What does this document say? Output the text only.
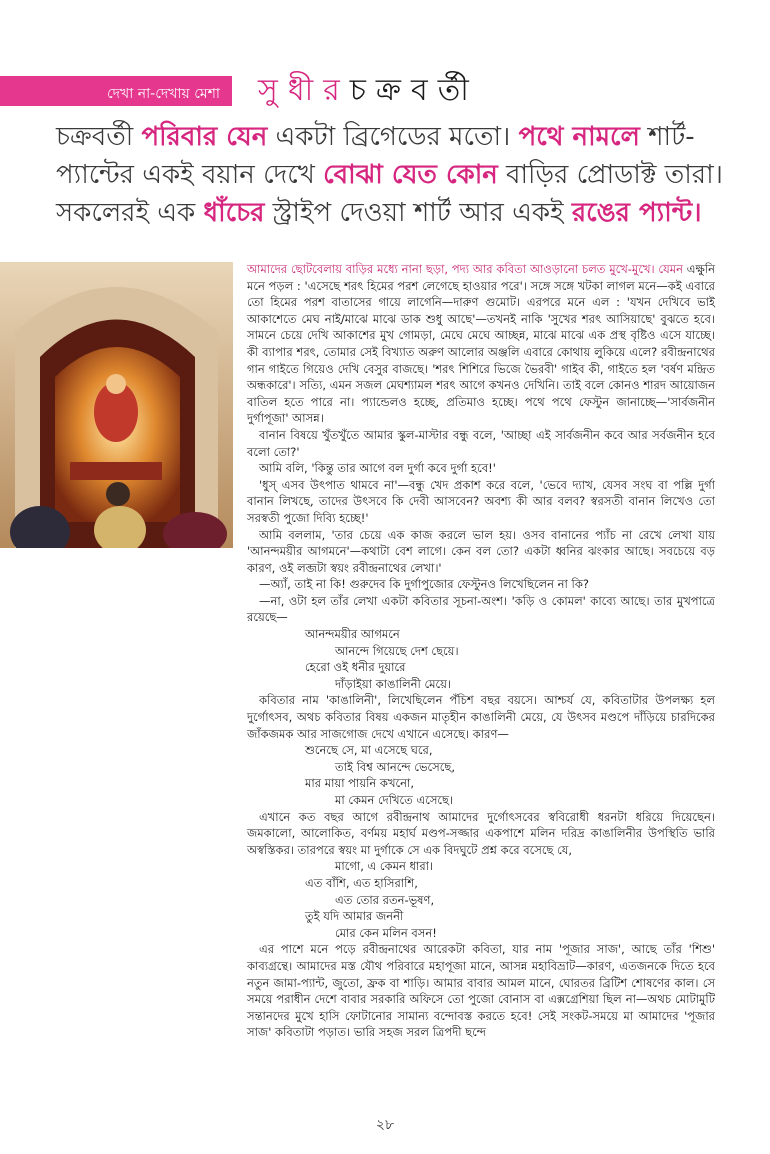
দেখা না-দেখায় মেশা সুধীরচক্রবর্তী
চক্রবর্তী পরিবার যেন একটা ব্রিগেডের মতো। পথে নামলে শার্ট-প্যান্টের একই বয়ান দেখে বোঝা যেত কোন বাড়ির প্রোডাক্ট তারা। সকলেরই এক ধাঁচের স্ট্রাইপ দেওয়া শার্ট আর একই রঙের প্যান্ট।

আমাদের ছোটবেলায় বাড়ির মধ্যে নানা ছড়া, পদ্য আর কবিতা আওড়ানো চলত মুখে-মুখে। যেমন এক্ষুনি মনে পড়ল : 'এসেছে শরৎ হিমের পরশ লেগেছে হাওয়ার পরে'। সঙ্গে সঙ্গে খটকা লাগল মনে—কই এবারে তো হিমের পরশ বাতাসের গায়ে লাগেনি—দারুণ গুমোট। এরপরে মনে এল : 'যখন দেখিবে ভাই আকাশেতে মেঘ নাই/মাঝে মাঝে ডাক শুধু আছে'—তখনই নাকি 'সুখের শরৎ আসিয়াছে' বুঝতে হবে। সামনে চেয়ে দেখি আকাশের মুখ গোমড়া, মেঘে মেঘে আচ্ছন্ন, মাঝে মাঝে এক প্রস্থ বৃষ্টিও এসে যাচ্ছে। কী ব্যাপার শরৎ, তোমার সেই বিখ্যাত অরুণ আলোর অঞ্জলি এবারে কোথায় লুকিয়ে এলে? রবীন্দ্রনাথের গান গাইতে গিয়েও দেখি বেসুর বাজছে। 'শরৎ শিশিরে ভিজে ভৈরবী' গাইব কী, গাইতে হল 'বর্ষণ মন্দ্রিত অন্ধকারে'। সত্যি, এমন সজল মেঘশ্যামল শরৎ আগে কখনও দেখিনি। তাই বলে কোনও শারদ আয়োজন বাতিল হতে পারে না। প্যান্ডেলও হচ্ছে, প্রতিমাও হচ্ছে। পথে পথে ফেস্টুন জানাচ্ছে—'সার্বজনীন দুর্গাপূজা' আসন্ন।

বানান বিষয়ে খুঁতখুঁতে আমার স্কুল-মাস্টার বন্ধু বলে, 'আচ্ছা এই সার্বজনীন কবে আর সর্বজনীন হবে বলো তো?'

আমি বলি, 'কিন্তু তার আগে বল দুর্গা কবে দুর্গা হবে!'

'ধুস্‌ এসব উৎপাত থামবে না'—বন্ধু খেদ প্রকাশ করে বলে, 'ভেবে দ্যাখ, যেসব সংঘ বা পল্লি দুর্গা বানান লিখছে, তাদের উৎসবে কি দেবী আসবেন? অবশ্য কী আর বলব? স্বরসতী বানান লিখেও তো সরস্বতী পুজো দিব্যি হচ্ছে!'

আমি বললাম, 'তার চেয়ে এক কাজ করলে ভাল হয়। ওসব বানানের প্যাঁচ না রেখে লেখা যায় 'আনন্দময়ীর আগমনে'—কথাটা বেশ লাগে। কেন বল তো? একটা ধ্বনির ঝংকার আছে। সবচেয়ে বড় কারণ, ওই লব্জটা স্বয়ং রবীন্দ্রনাথের লেখা।'

—অ্যাঁ, তাই না কি! গুরুদেব কি দুর্গাপুজোর ফেস্টুনও লিখেছিলেন না কি?

—না, ওটা হল তাঁর লেখা একটা কবিতার সূচনা-অংশ। 'কড়ি ও কোমল' কাব্যে আছে। তার মুখপাত্রে রয়েছে—

আনন্দময়ীর আগমনে

আনন্দে গিয়েছে দেশ ছেয়ে।

হেরো ওই ধনীর দুয়ারে

দাঁড়াইয়া কাঙালিনী মেয়ে।

কবিতার নাম 'কাঙালিনী', লিখেছিলেন পঁচিশ বছর বয়সে। আশ্চর্য যে, কবিতাটার উপলক্ষ্য হল দুর্গোৎসব, অথচ কবিতার বিষয় একজন মাতৃহীন কাঙালিনী মেয়ে, যে উৎসব মণ্ডপে দাঁড়িয়ে চারদিকের জাঁকজমক আর সাজগোজ দেখে এখানে এসেছে। কারণ—

শুনেছে সে, মা এসেছে ঘরে,

তাই বিশ্ব আনন্দে ভেসেছে,

মার মায়া পায়নি কখনো,

মা কেমন দেখিতে এসেছে।

এখানে কত বছর আগে রবীন্দ্রনাথ আমাদের দুর্গোৎসবের স্ববিরোধী ধরনটা ধরিয়ে দিয়েছেন। জমকালো, আলোকিত, বর্ণময় মহার্ঘ মণ্ডপ-সজ্জার একপাশে মলিন দরিদ্র কাঙালিনীর উপস্থিতি ভারি অস্বস্তিকর। তারপরে স্বয়ং মা দুর্গাকে সে এক বিদঘুটে প্রশ্ন করে বসেছে যে,

মাগো, এ কেমন ধারা।

এত বাঁশি, এত হাসিরাশি,

এত তোর রতন-ভূষণ,

তুই যদি আমার জননী

মোর কেন মলিন বসন!

এর পাশে মনে পড়ে রবীন্দ্রনাথের আরেকটা কবিতা, যার নাম 'পূজার সাজ', আছে তাঁর 'শিশু' কাব্যগ্রন্থে। আমাদের মস্ত যৌথ পরিবারে মহাপূজা মানে, আসন্ন মহাবিভ্রাট—কারণ, এতজনকে দিতে হবে নতুন জামা-প্যান্ট, জুতো, ফ্রক বা শাড়ি। আমার বাবার আমল মানে, ঘোরতর ব্রিটিশ শোষণের কাল। সে সময়ে পরাধীন দেশে বাবার সরকারি অফিসে তো পুজো বোনাস বা এক্সগ্রেশিয়া ছিল না—অথচ মোটামুটি সন্তানদের মুখে হাসি ফোটানোর সামান্য বন্দোবস্ত করতে হবে! সেই সংকট-সময়ে মা আমাদের 'পূজার সাজ' কবিতাটা পড়াত। ভারি সহজ সরল ত্রিপদী ছন্দে

২৮
